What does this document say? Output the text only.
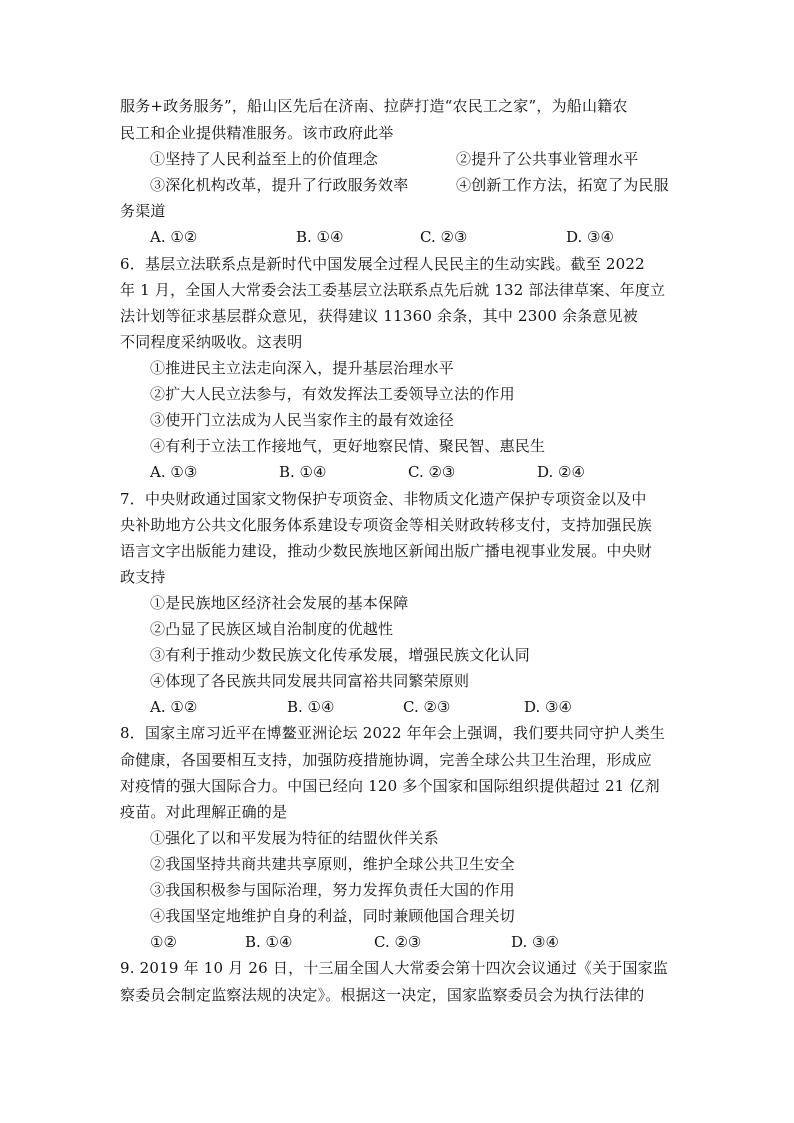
服务+政务服务”，船山区先后在济南、拉萨打造“农民工之家”，为船山籍农
民工和企业提供精准服务。该市政府此举
①坚持了人民利益至上的价值理念	②提升了公共事业管理水平
③深化机构改革，提升了行政服务效率	④创新工作方法，拓宽了为民服
务渠道
A. ①②	B. ①④	C. ②③	D. ③④
6．基层立法联系点是新时代中国发展全过程人民民主的生动实践。截至 2022
年 1 月，全国人大常委会法工委基层立法联系点先后就 132 部法律草案、年度立
法计划等征求基层群众意见，获得建议 11360 余条，其中 2300 余条意见被
不同程度采纳吸收。这表明
①推进民主立法走向深入，提升基层治理水平
②扩大人民立法参与，有效发挥法工委领导立法的作用
③使开门立法成为人民当家作主的最有效途径
④有利于立法工作接地气，更好地察民情、聚民智、惠民生
A. ①③	B. ①④	C. ②③	D. ②④
7．中央财政通过国家文物保护专项资金、非物质文化遗产保护专项资金以及中
央补助地方公共文化服务体系建设专项资金等相关财政转移支付，支持加强民族
语言文字出版能力建设，推动少数民族地区新闻出版广播电视事业发展。中央财
政支持
①是民族地区经济社会发展的基本保障
②凸显了民族区域自治制度的优越性
③有利于推动少数民族文化传承发展，增强民族文化认同
④体现了各民族共同发展共同富裕共同繁荣原则
A. ①②	B. ①④	C. ②③	D. ③④
8．国家主席习近平在博鳌亚洲论坛 2022 年年会上强调，我们要共同守护人类生
命健康，各国要相互支持，加强防疫措施协调，完善全球公共卫生治理，形成应
对疫情的强大国际合力。中国已经向 120 多个国家和国际组织提供超过 21 亿剂
疫苗。对此理解正确的是
①强化了以和平发展为特征的结盟伙伴关系
②我国坚持共商共建共享原则，维护全球公共卫生安全
③我国积极参与国际治理，努力发挥负责任大国的作用
④我国坚定地维护自身的利益，同时兼顾他国合理关切
①②	B. ①④	C. ②③	D. ③④
9. 2019 年 10 月 26 日，十三届全国人大常委会第十四次会议通过《关于国家监
察委员会制定监察法规的决定》。根据这一决定，国家监察委员会为执行法律的
